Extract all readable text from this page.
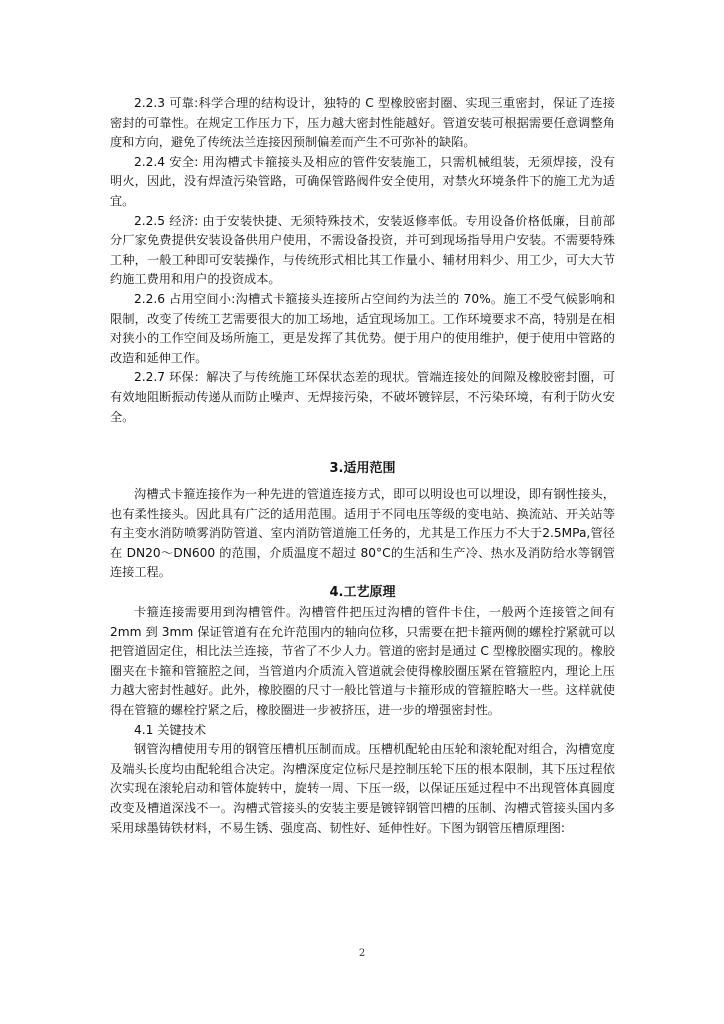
2.2.3 可靠:科学合理的结构设计，独特的 C 型橡胶密封圈、实现三重密封，保证了连接密封的可靠性。在规定工作压力下，压力越大密封性能越好。管道安装可根据需要任意调整角度和方向，避免了传统法兰连接因预制偏差而产生不可弥补的缺陷。

2.2.4 安全: 用沟槽式卡箍接头及相应的管件安装施工，只需机械组装，无须焊接，没有明火，因此，没有焊渣污染管路，可确保管路阀件安全使用，对禁火环境条件下的施工尤为适宜。

2.2.5 经济: 由于安装快捷、无须特殊技术，安装返修率低。专用设备价格低廉，目前部分厂家免费提供安装设备供用户使用，不需设备投资，并可到现场指导用户安装。不需要特殊工种，一般工种即可安装操作，与传统形式相比其工作量小、辅材用料少、用工少，可大大节约施工费用和用户的投资成本。

2.2.6 占用空间小:沟槽式卡箍接头连接所占空间约为法兰的 70%。施工不受气候影响和限制，改变了传统工艺需要很大的加工场地，适宜现场加工。工作环境要求不高，特别是在相对狭小的工作空间及场所施工，更是发挥了其优势。便于用户的使用维护，便于使用中管路的改造和延伸工作。

2.2.7 环保：解决了与传统施工环保状态差的现状。管端连接处的间隙及橡胶密封圈，可有效地阻断振动传递从而防止噪声、无焊接污染，不破坏镀锌层，不污染环境，有利于防火安全。

3.适用范围

沟槽式卡箍连接作为一种先进的管道连接方式，即可以明设也可以埋设，即有钢性接头，也有柔性接头。因此具有广泛的适用范围。适用于不同电压等级的变电站、换流站、开关站等有主变水消防喷雾消防管道、室内消防管道施工任务的，尤其是工作压力不大于2.5MPa,管径在 DN20〜DN600 的范围，介质温度不超过 80°C的生活和生产冷、热水及消防给水等钢管连接工程。

4.工艺原理

卡箍连接需要用到沟槽管件。沟槽管件把压过沟槽的管件卡住，一般两个连接管之间有 2mm 到 3mm 保证管道有在允许范围内的轴向位移，只需要在把卡箍两侧的螺栓拧紧就可以把管道固定住，相比法兰连接，节省了不少人力。管道的密封是通过 C 型橡胶圈实现的。橡胶圈夹在卡箍和管箍腔之间，当管道内介质流入管道就会使得橡胶圈压紧在管箍腔内，理论上压力越大密封性越好。此外，橡胶圈的尺寸一般比管道与卡箍形成的管箍腔略大一些。这样就使得在管箍的螺栓拧紧之后，橡胶圈进一步被挤压，进一步的增强密封性。

4.1 关键技术

钢管沟槽使用专用的钢管压槽机压制而成。压槽机配轮由压轮和滚轮配对组合，沟槽宽度及端头长度均由配轮组合决定。沟槽深度定位标尺是控制压轮下压的根本限制，其下压过程依次实现在滚轮启动和管体旋转中，旋转一周、下压一级，以保证压延过程中不出现管体真圆度改变及槽道深浅不一。沟槽式管接头的安装主要是镀锌钢管凹槽的压制、沟槽式管接头国内多采用球墨铸铁材料，不易生锈、强度高、韧性好、延伸性好。下图为钢管压槽原理图:

2
